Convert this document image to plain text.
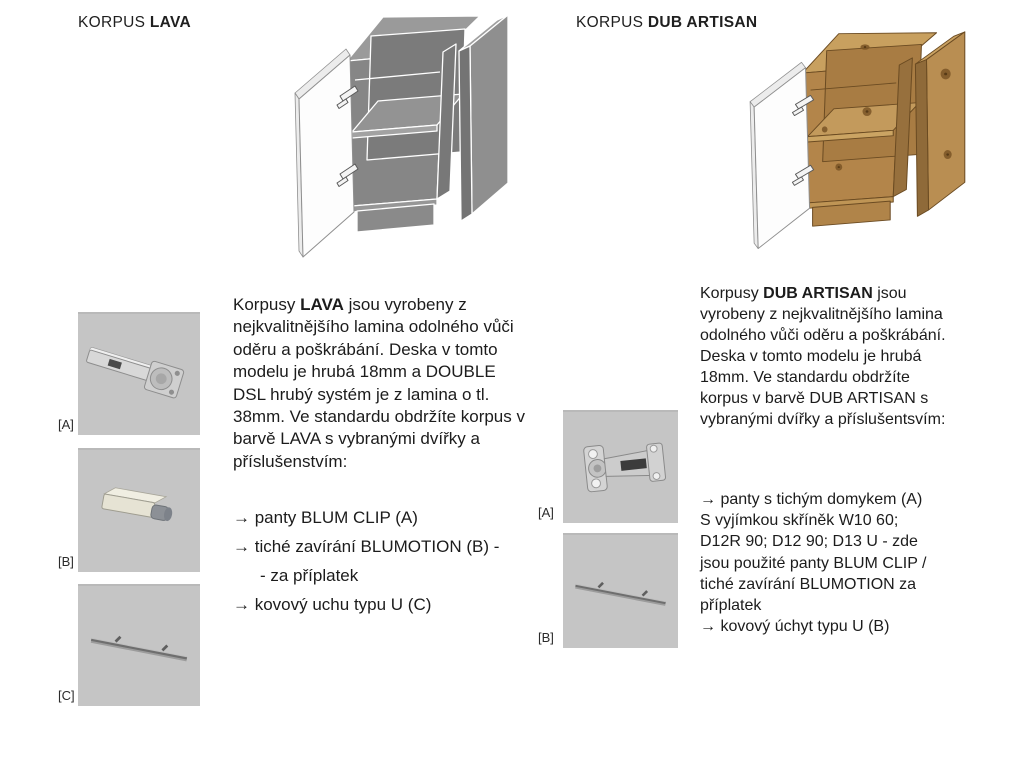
KORPUS LAVA
[A]
[B]
[C]

Korpusy LAVA jsou vyrobeny z nejkvalitnějšího lamina odolného vůči oděru a poškrábání. Deska v tomto modelu je hrubá 18mm a DOUBLE DSL hrubý systém je z lamina o tl. 38mm. Ve standardu obdržíte korpus v barvě LAVA s vybranými dvířky a příslušenstvím:

→ panty BLUM CLIP (A)
→ tiché zavírání BLUMOTION (B) -
- za příplatek
→ kovový uchu typu U (C)
KORPUS DUB ARTISAN
[A]
[B]

Korpusy DUB ARTISAN jsou vyrobeny z nejkvalitnějšího lamina odolného vůči oděru a poškrábání. Deska v tomto modelu je hrubá 18mm. Ve standardu obdržíte korpus v barvě DUB ARTISAN s vybranými dvířky a příslušentsvím:

→ panty s tichým domykem (A)
S vyjímkou skříněk W10 60;
D12R 90; D12 90; D13 U - zde
jsou použité panty BLUM CLIP /
tiché zavírání BLUMOTION za
příplatek
→ kovový úchyt typu U (B)
